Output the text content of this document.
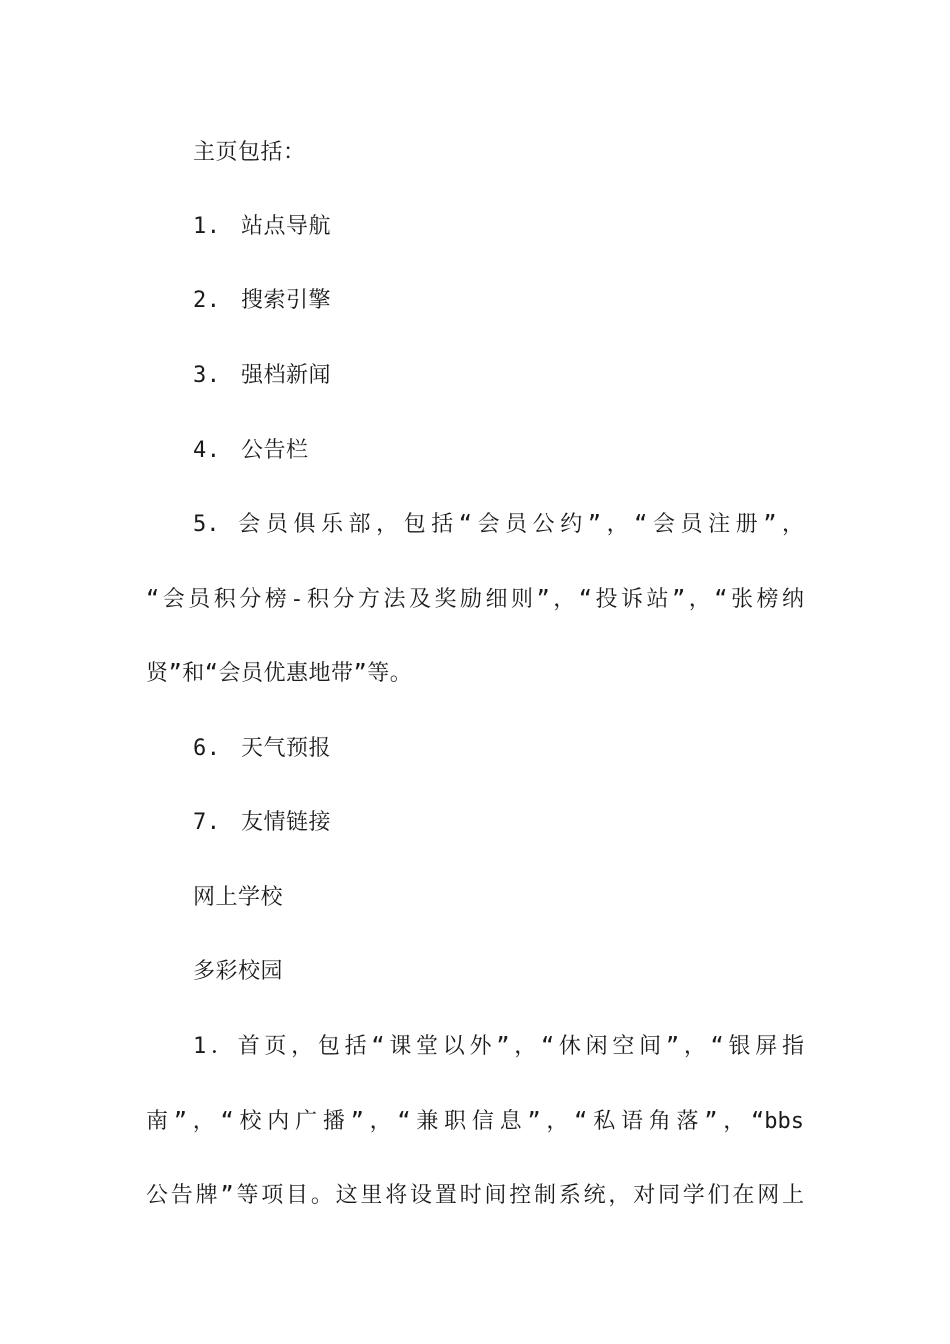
主页包括：
1. 站点导航
2. 搜索引擎
3. 强档新闻
4. 公告栏
5. 会员俱乐部，包括“会员公约”，“会员注册”，
“会员积分榜-积分方法及奖励细则”，“投诉站”，“张榜纳
贤”和“会员优惠地带”等。
6. 天气预报
7. 友情链接
网上学校
多彩校园
1．首页，包括“课堂以外”，“休闲空间”，“银屏指
南”，“校内广播”，“兼职信息”，“私语角落”，“bbs
公告牌”等项目。这里将设置时间控制系统，对同学们在网上
